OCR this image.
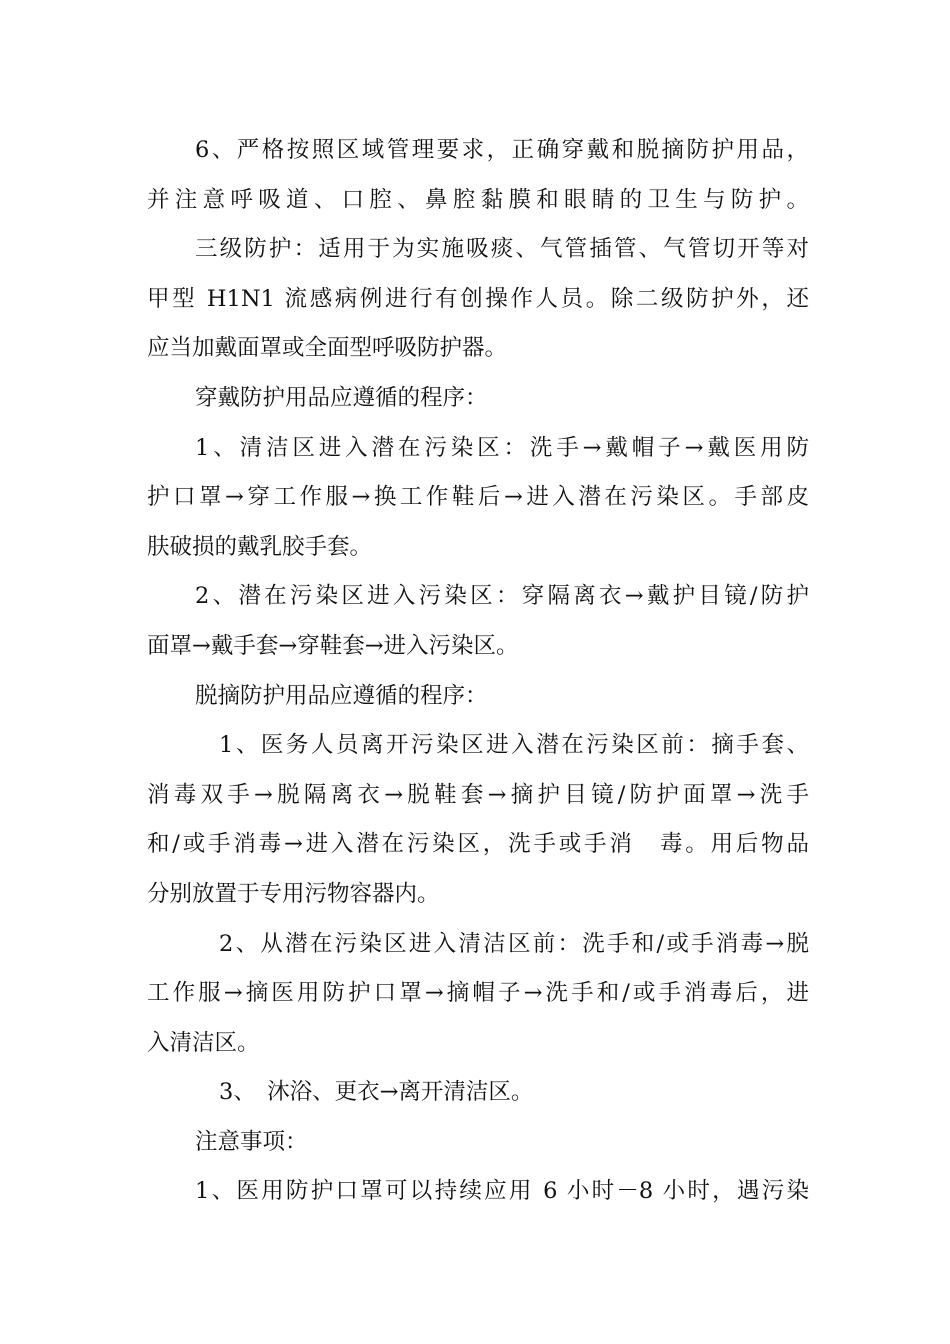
6、严格按照区域管理要求，正确穿戴和脱摘防护用品，
并注意呼吸道、口腔、鼻腔黏膜和眼睛的卫生与防护。
三级防护：适用于为实施吸痰、气管插管、气管切开等对
甲型 H1N1 流感病例进行有创操作人员。除二级防护外，还
应当加戴面罩或全面型呼吸防护器。
穿戴防护用品应遵循的程序：
1、清洁区进入潜在污染区：洗手→戴帽子→戴医用防
护口罩→穿工作服→换工作鞋后→进入潜在污染区。手部皮
肤破损的戴乳胶手套。
2、潜在污染区进入污染区：穿隔离衣→戴护目镜/防护
面罩→戴手套→穿鞋套→进入污染区。
脱摘防护用品应遵循的程序：
1、医务人员离开污染区进入潜在污染区前：摘手套、
消毒双手→脱隔离衣→脱鞋套→摘护目镜/防护面罩→洗手
和/或手消毒→进入潜在污染区，洗手或手消　毒。用后物品
分别放置于专用污物容器内。
2、从潜在污染区进入清洁区前：洗手和/或手消毒→脱
工作服→摘医用防护口罩→摘帽子→洗手和/或手消毒后，进
入清洁区。
3、　沐浴、更衣→离开清洁区。
注意事项：
1、医用防护口罩可以持续应用 6 小时－8 小时，遇污染
